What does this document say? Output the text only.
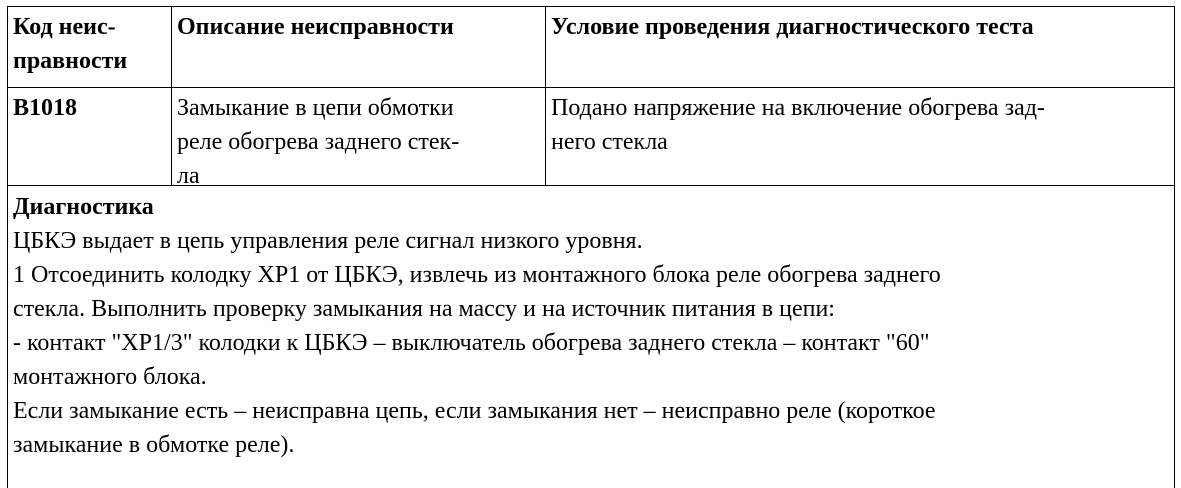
Код неис-
правности
Описание неисправности	Условие проведения диагностического теста
B1018	Замыкание в цепи обмотки
реле обогрева заднего стек-
ла
Подано напряжение на включение обогрева зад-
него стекла

Диагностика

ЦБКЭ выдает в цепь управления реле сигнал низкого уровня.

1 Отсоединить колодку ХР1 от ЦБКЭ, извлечь из монтажного блока реле обогрева заднего

стекла. Выполнить проверку замыкания на массу и на источник питания в цепи:

- контакт "ХР1/3" колодки к ЦБКЭ – выключатель обогрева заднего стекла – контакт "60"

монтажного блока.

Если замыкание есть – неисправна цепь, если замыкания нет – неисправно реле (короткое

замыкание в обмотке реле).
